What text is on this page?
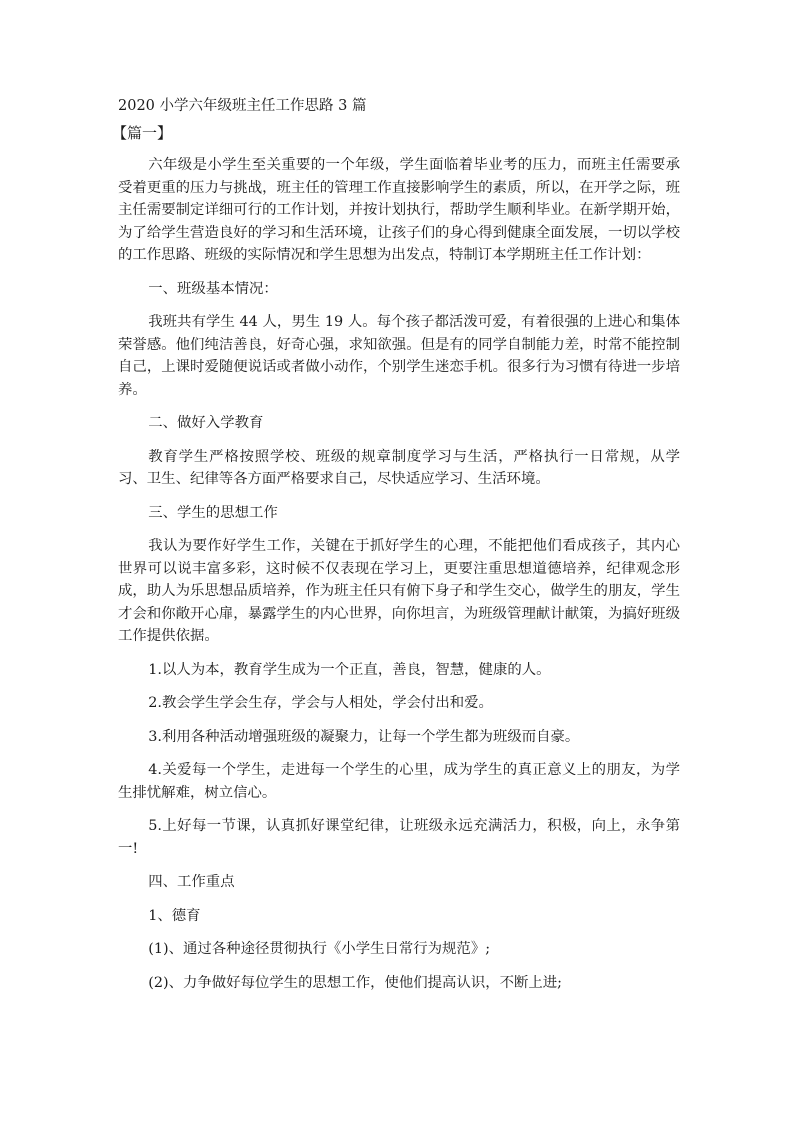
2020 小学六年级班主任工作思路 3 篇

【篇一】

六年级是小学生至关重要的一个年级，学生面临着毕业考的压力，而班主任需要承受着更重的压力与挑战，班主任的管理工作直接影响学生的素质，所以，在开学之际，班主任需要制定详细可行的工作计划，并按计划执行，帮助学生顺利毕业。在新学期开始，为了给学生营造良好的学习和生活环境，让孩子们的身心得到健康全面发展，一切以学校的工作思路、班级的实际情况和学生思想为出发点，特制订本学期班主任工作计划：

一、班级基本情况：

我班共有学生 44 人，男生 19 人。每个孩子都活泼可爱，有着很强的上进心和集体荣誉感。他们纯洁善良，好奇心强，求知欲强。但是有的同学自制能力差，时常不能控制自己，上课时爱随便说话或者做小动作，个别学生迷恋手机。很多行为习惯有待进一步培养。

二、做好入学教育

教育学生严格按照学校、班级的规章制度学习与生活，严格执行一日常规，从学习、卫生、纪律等各方面严格要求自己，尽快适应学习、生活环境。

三、学生的思想工作

我认为要作好学生工作，关键在于抓好学生的心理，不能把他们看成孩子，其内心世界可以说丰富多彩，这时候不仅表现在学习上，更要注重思想道德培养，纪律观念形成，助人为乐思想品质培养，作为班主任只有俯下身子和学生交心，做学生的朋友，学生才会和你敞开心扉，暴露学生的内心世界，向你坦言，为班级管理献计献策，为搞好班级工作提供依据。

1.以人为本，教育学生成为一个正直，善良，智慧，健康的人。

2.教会学生学会生存，学会与人相处，学会付出和爱。

3.利用各种活动增强班级的凝聚力，让每一个学生都为班级而自豪。

4.关爱每一个学生，走进每一个学生的心里，成为学生的真正意义上的朋友，为学生排忧解难，树立信心。

5.上好每一节课，认真抓好课堂纪律，让班级永远充满活力，积极，向上，永争第一!

四、工作重点

1、德育

(1)、通过各种途径贯彻执行《小学生日常行为规范》;

(2)、力争做好每位学生的思想工作，使他们提高认识，不断上进;
